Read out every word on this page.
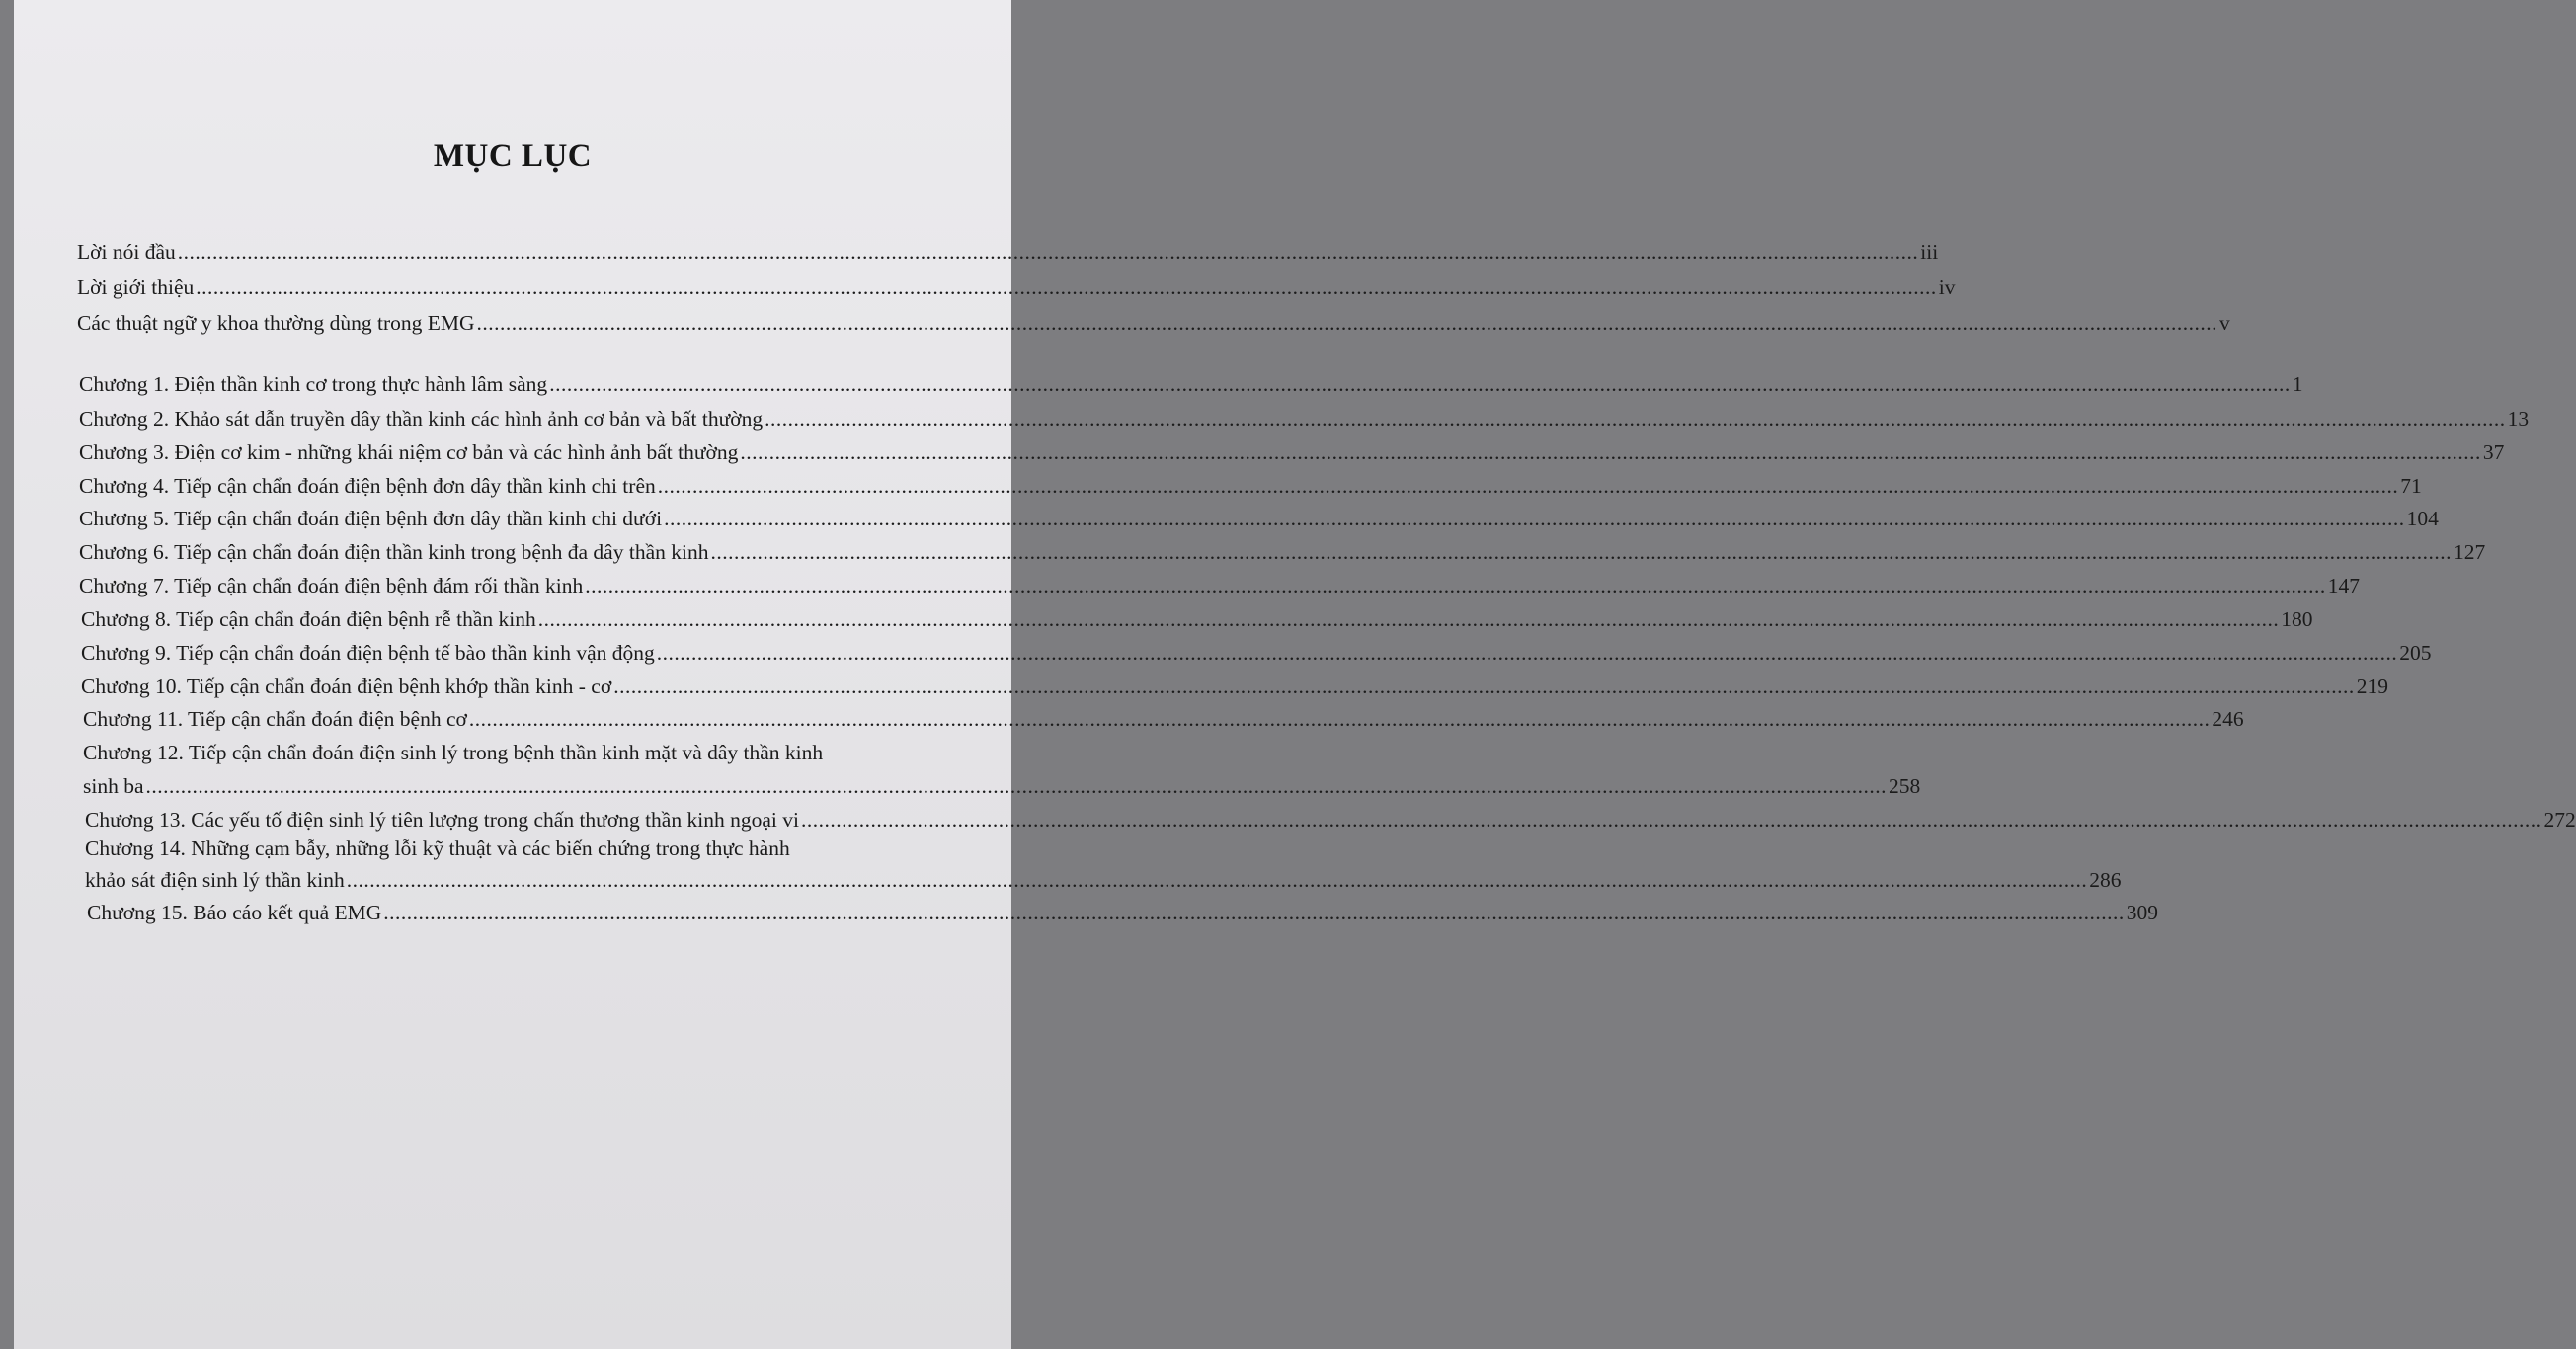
MỤC LỤC
Lời nói đầu ............................................................................................................................................................................................................................................................................................................ iii
Lời giới thiệu ............................................................................................................................................................................................................................................................................................................ iv
Các thuật ngữ y khoa thường dùng trong EMG ............................................................................................................................................................................................................................................................................................................ v
Chương 1. Điện thần kinh cơ trong thực hành lâm sàng ............................................................................................................................................................................................................................................................................................................ 1
Chương 2. Khảo sát dẫn truyền dây thần kinh các hình ảnh cơ bản và bất thường ............................................................................................................................................................................................................................................................................................................ 13
Chương 3. Điện cơ kim - những khái niệm cơ bản và các hình ảnh bất thường ............................................................................................................................................................................................................................................................................................................ 37
Chương 4. Tiếp cận chẩn đoán điện bệnh đơn dây thần kinh chi trên ............................................................................................................................................................................................................................................................................................................ 71
Chương 5. Tiếp cận chẩn đoán điện bệnh đơn dây thần kinh chi dưới ............................................................................................................................................................................................................................................................................................................ 104
Chương 6. Tiếp cận chẩn đoán điện thần kinh trong bệnh đa dây thần kinh ............................................................................................................................................................................................................................................................................................................ 127
Chương 7. Tiếp cận chẩn đoán điện bệnh đám rối thần kinh ............................................................................................................................................................................................................................................................................................................ 147
Chương 8. Tiếp cận chẩn đoán điện bệnh rễ thần kinh ............................................................................................................................................................................................................................................................................................................ 180
Chương 9. Tiếp cận chẩn đoán điện bệnh tế bào thần kinh vận động ............................................................................................................................................................................................................................................................................................................ 205
Chương 10. Tiếp cận chẩn đoán điện bệnh khớp thần kinh - cơ ............................................................................................................................................................................................................................................................................................................ 219
Chương 11. Tiếp cận chẩn đoán điện bệnh cơ ............................................................................................................................................................................................................................................................................................................ 246
Chương 12. Tiếp cận chẩn đoán điện sinh lý trong bệnh thần kinh mặt và dây thần kinh
sinh ba ............................................................................................................................................................................................................................................................................................................ 258
Chương 13. Các yếu tố điện sinh lý tiên lượng trong chấn thương thần kinh ngoại vi ............................................................................................................................................................................................................................................................................................................ 272
Chương 14. Những cạm bẫy, những lỗi kỹ thuật và các biến chứng trong thực hành
khảo sát điện sinh lý thần kinh ............................................................................................................................................................................................................................................................................................................ 286
Chương 15. Báo cáo kết quả EMG ............................................................................................................................................................................................................................................................................................................ 309
